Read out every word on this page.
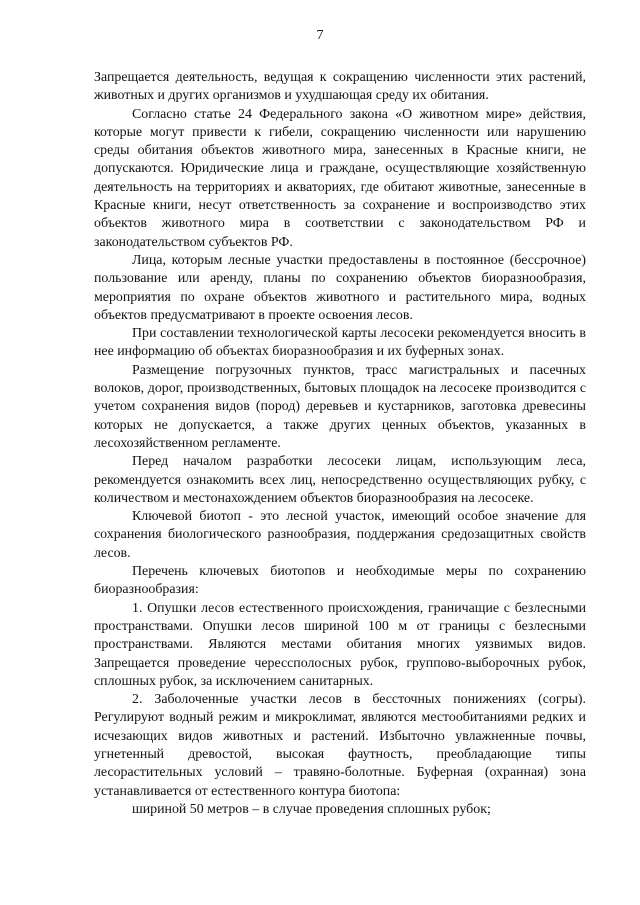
7

Запрещается деятельность, ведущая к сокращению численности этих растений, животных и других организмов и ухудшающая среду их обитания.

Согласно статье 24 Федерального закона «О животном мире» действия, которые могут привести к гибели, сокращению численности или нарушению среды обитания объектов животного мира, занесенных в Красные книги, не допускаются. Юридические лица и граждане, осуществляющие хозяйственную деятельность на территориях и акваториях, где обитают животные, занесенные в Красные книги, несут ответственность за сохранение и воспроизводство этих объектов животного мира в соответствии с законодательством РФ и законодательством субъектов РФ.

Лица, которым лесные участки предоставлены в постоянное (бессрочное) пользование или аренду, планы по сохранению объектов биоразнообразия, мероприятия по охране объектов животного и растительного мира, водных объектов предусматривают в проекте освоения лесов.

При составлении технологической карты лесосеки рекомендуется вносить в нее информацию об объектах биоразнообразия и их буферных зонах.

Размещение погрузочных пунктов, трасс магистральных и пасечных волоков, дорог, производственных, бытовых площадок на лесосеке производится с учетом сохранения видов (пород) деревьев и кустарников, заготовка древесины которых не допускается, а также других ценных объектов, указанных в лесохозяйственном регламенте.

Перед началом разработки лесосеки лицам, использующим леса, рекомендуется ознакомить всех лиц, непосредственно осуществляющих рубку, с количеством и местонахождением объектов биоразнообразия на лесосеке.

Ключевой биотоп - это лесной участок, имеющий особое значение для сохранения биологического разнообразия, поддержания средозащитных свойств лесов.

Перечень ключевых биотопов и необходимые меры по сохранению биоразнообразия:

1. Опушки лесов естественного происхождения, граничащие с безлесными пространствами. Опушки лесов шириной 100 м от границы с безлесными пространствами. Являются местами обитания многих уязвимых видов. Запрещается проведение черессполосных рубок, группово-выборочных рубок, сплошных рубок, за исключением санитарных.

2. Заболоченные участки лесов в бессточных понижениях (согры). Регулируют водный режим и микроклимат, являются местообитаниями редких и исчезающих видов животных и растений. Избыточно увлажненные почвы, угнетенный древостой, высокая фаутность, преобладающие типы лесорастительных условий – травяно-болотные. Буферная (охранная) зона устанавливается от естественного контура биотопа:

шириной 50 метров – в случае проведения сплошных рубок;
